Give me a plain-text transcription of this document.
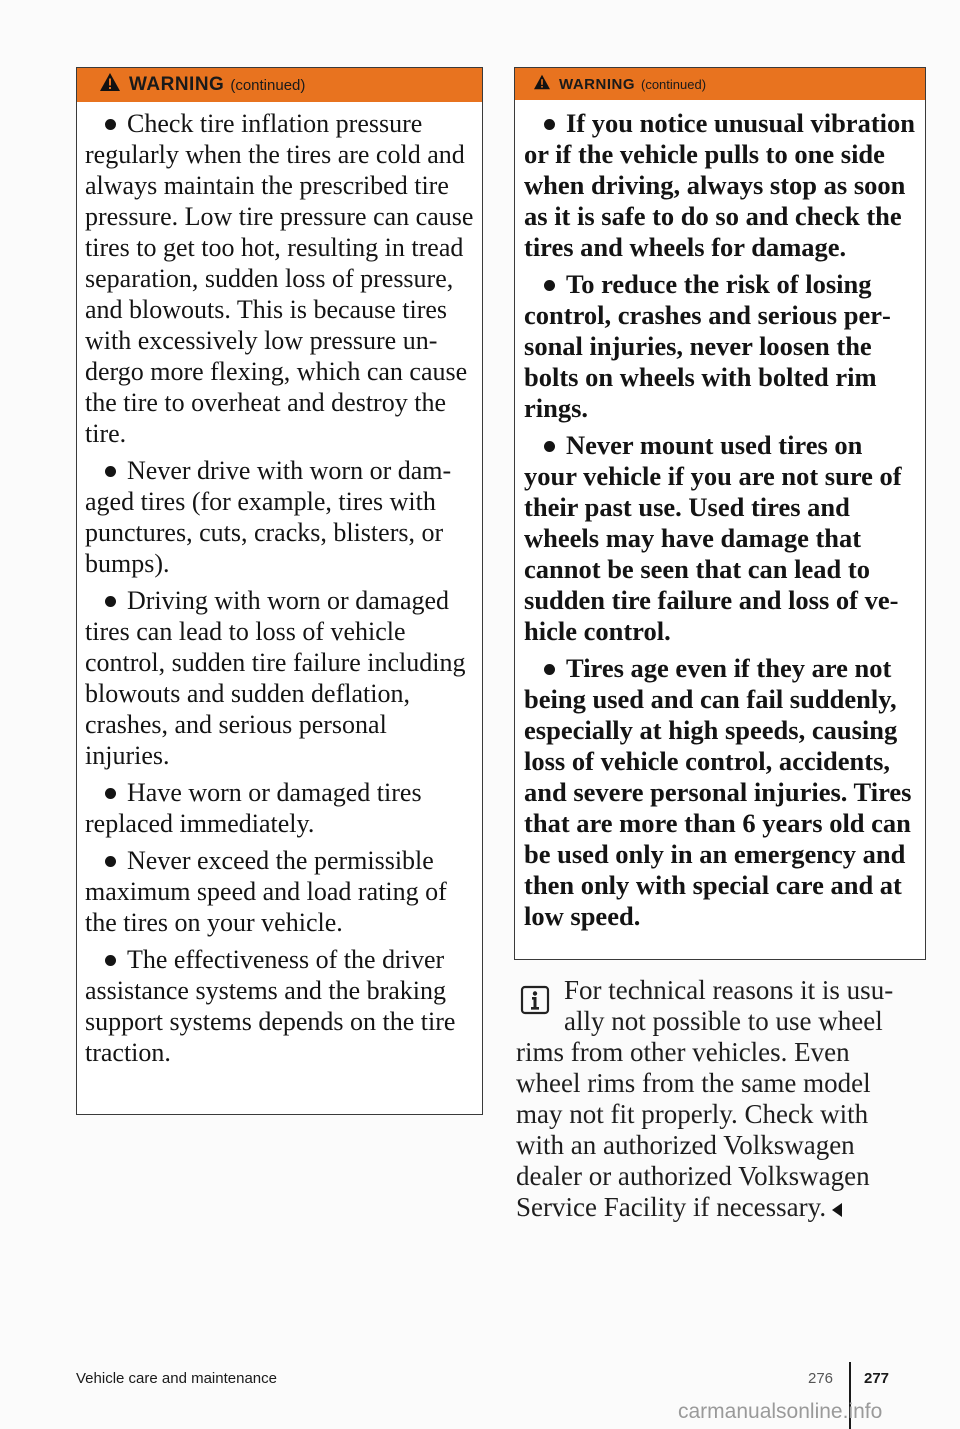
WARNING (continued)
Check tire inflation pressure regularly when the tires are cold and always maintain the prescribed tire pressure. Low tire pressure can cause tires to get too hot, resulting in tread separation, sudden loss of pressure, and blowouts. This is because tires with excessively low pressure undergo more flexing, which can cause the tire to overheat and destroy the tire.
Never drive with worn or damaged tires (for example, tires with punctures, cuts, cracks, blisters, or bumps).
Driving with worn or damaged tires can lead to loss of vehicle control, sudden tire failure including blowouts and sudden deflation, crashes, and serious personal injuries.
Have worn or damaged tires replaced immediately.
Never exceed the permissible maximum speed and load rating of the tires on your vehicle.
The effectiveness of the driver assistance systems and the braking support systems depends on the tire traction.
WARNING (continued)
If you notice unusual vibration or if the vehicle pulls to one side when driving, always stop as soon as it is safe to do so and check the tires and wheels for damage.
To reduce the risk of losing control, crashes and serious personal injuries, never loosen the bolts on wheels with bolted rim rings.
Never mount used tires on your vehicle if you are not sure of their past use. Used tires and wheels may have damage that cannot be seen that can lead to sudden tire failure and loss of vehicle control.
Tires age even if they are not being used and can fail suddenly, especially at high speeds, causing loss of vehicle control, accidents, and severe personal injuries. Tires that are more than 6 years old can be used only in an emergency and then only with special care and at low speed.
For technical reasons it is usually not possible to use wheel rims from other vehicles. Even wheel rims from the same model may not fit properly. Check with with an authorized Volkswagen dealer or authorized Volkswagen Service Facility if necessary.
Vehicle care and maintenance	276 277
carmanualsonline.info
